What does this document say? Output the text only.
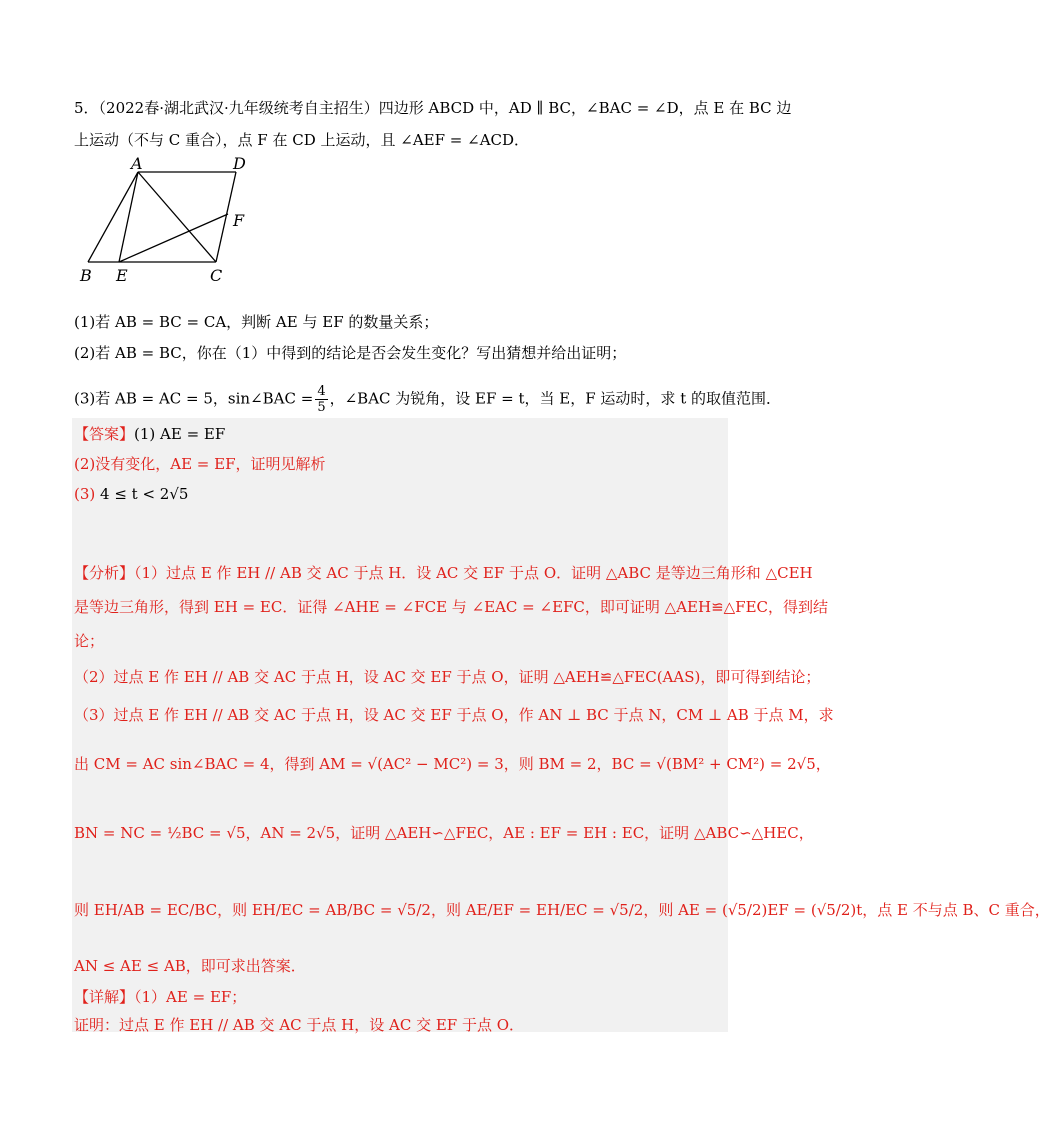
5．（2022春·湖北武汉·九年级统考自主招生）四边形 ABCD 中，AD ∥ BC，∠BAC = ∠D，点 E 在 BC 边
上运动（不与 C 重合），点 F 在 CD 上运动，且 ∠AEF = ∠ACD．
A	D
F
B E	C
(1)若 AB = BC = CA，判断 AE 与 EF 的数量关系；
(2)若 AB = BC，你在（1）中得到的结论是否会发生变化？写出猜想并给出证明；
(3)若 AB = AC = 5，sin∠BAC = $\frac{4}{5}$ ，∠BAC 为锐角，设 EF = t，当 E，F 运动时，求 t 的取值范围．
【答案】(1) AE = EF
(2)没有变化，AE = EF，证明见解析
(3) 4 ≤ t < 2√5
【分析】（1）过点 E 作 EH // AB 交 AC 于点 H．设 AC 交 EF 于点 O．证明 △ABC 是等边三角形和 △CEH
是等边三角形，得到 EH = EC．证得 ∠AHE = ∠FCE 与 ∠EAC = ∠EFC，即可证明 △AEH≌△FEC，得到结
论；
（2）过点 E 作 EH // AB 交 AC 于点 H，设 AC 交 EF 于点 O，证明 △AEH≌△FEC(AAS)，即可得到结论；
（3）过点 E 作 EH // AB 交 AC 于点 H，设 AC 交 EF 于点 O，作 AN ⊥ BC 于点 N，CM ⊥ AB 于点 M，求
出 CM = AC sin∠BAC = 4，得到 AM = √(AC² − MC²) = 3，则 BM = 2，BC = √(BM² + CM²) = 2√5，
BN = NC = ½BC = √5，AN = 2√5，证明 △AEH∽△FEC，AE : EF = EH : EC，证明 △ABC∽△HEC，
则 EH/AB = EC/BC，则 EH/EC = AB/BC = √5/2，则 AE/EF = EH/EC = √5/2，则 AE = (√5/2)EF = (√5/2)t，点 E 不与点 B、C 重合，
AN ≤ AE ≤ AB，即可求出答案．
【详解】（1）AE = EF；
证明：过点 E 作 EH // AB 交 AC 于点 H，设 AC 交 EF 于点 O．
